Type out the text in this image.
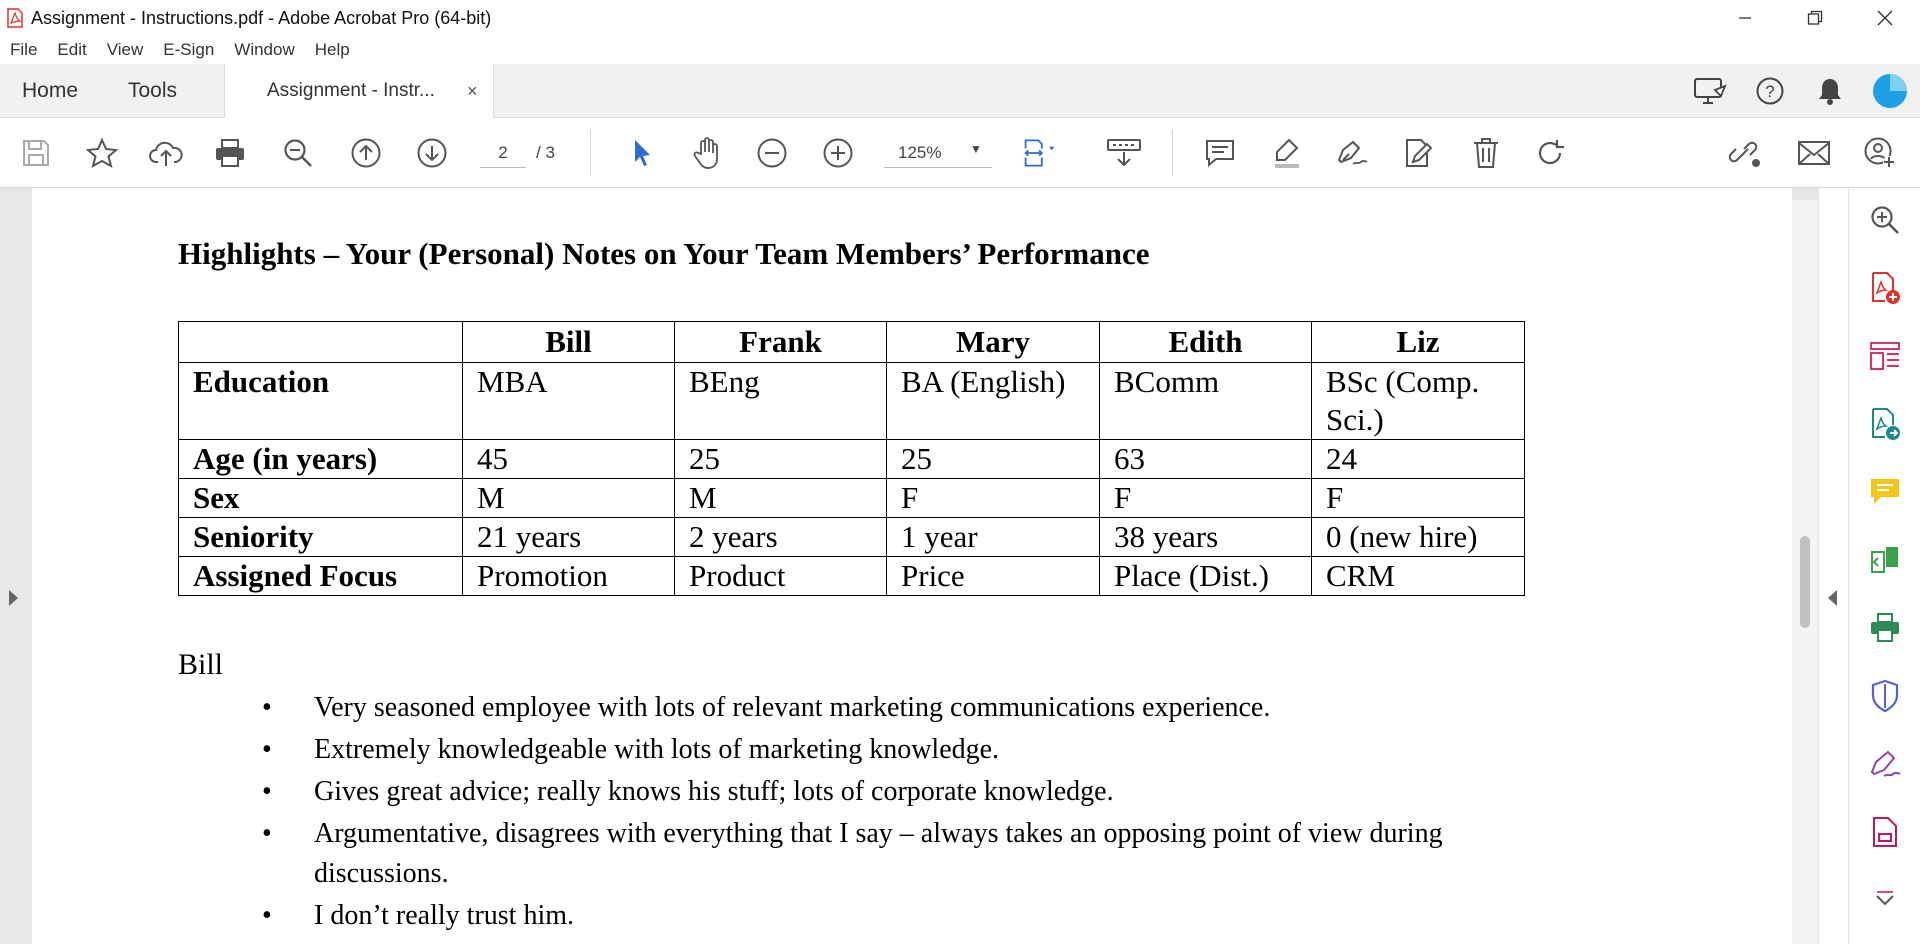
Assignment - Instructions.pdf - Adobe Acrobat Pro (64-bit)
File	Edit	View	E-Sign	Window	Help
Home Tools	Assignment - Instr... ×	?
2	/ 3	125%	▼
Highlights – Your (Personal) Notes on Your Team Members’ Performance
	Bill	Frank	Mary	Edith	Liz
Education	MBA	BEng	BA (English)	BComm	BSc (Comp. Sci.)
Age (in years)	45	25	25	63	24
Sex	M	M	F	F	F
Seniority	21 years	2 years	1 year	38 years	0 (new hire)
Assigned Focus	Promotion	Product	Price	Place (Dist.)	CRM
Bill
• Very seasoned employee with lots of relevant marketing communications experience.
• Extremely knowledgeable with lots of marketing knowledge.
• Gives great advice; really knows his stuff; lots of corporate knowledge.
• Argumentative, disagrees with everything that I say – always takes an opposing point of view during discussions.
• I don’t really trust him.
